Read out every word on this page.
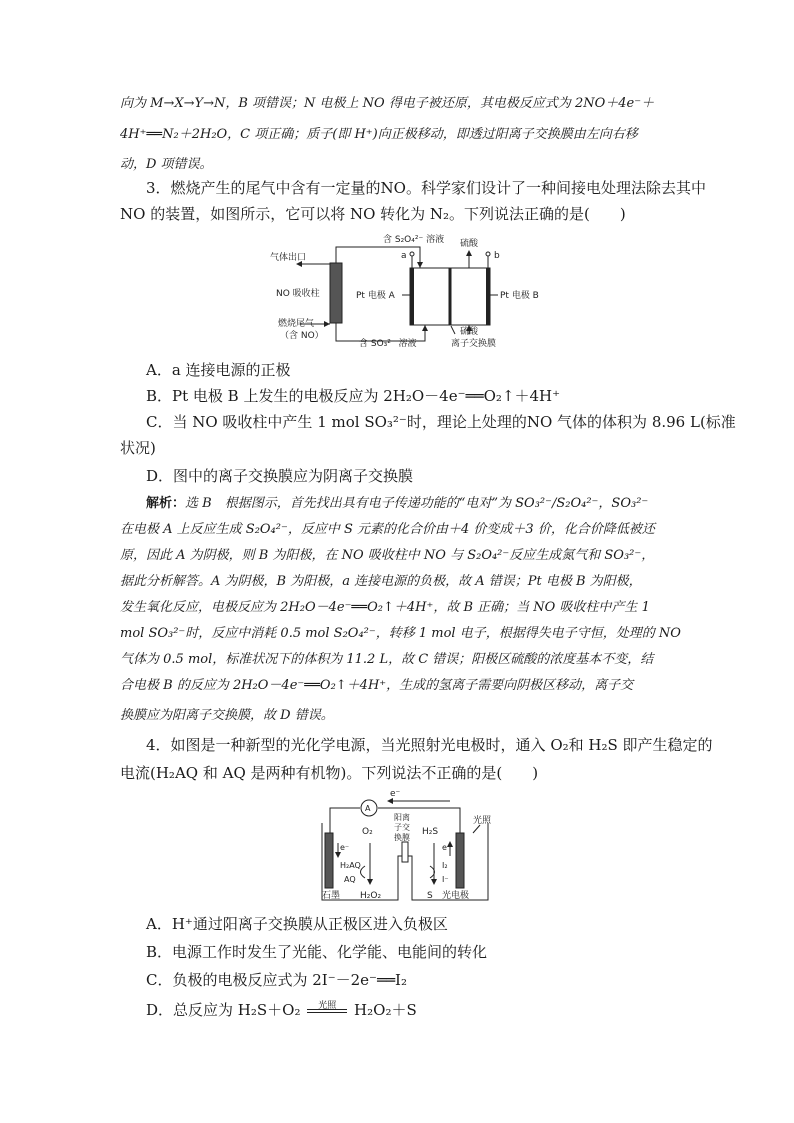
向为 M→X→Y→N，B 项错误；N 电极上 NO 得电子被还原，其电极反应式为 2NO＋4e⁻＋
4H⁺══N₂＋2H₂O，C 项正确；质子(即 H⁺)向正极移动，即透过阳离子交换膜由左向右移
动，D 项错误。
3．燃烧产生的尾气中含有一定量的NO。科学家们设计了一种间接电处理法除去其中
NO 的装置，如图所示，它可以将 NO 转化为 N₂。下列说法正确的是(　　)
含 S₂O₄²⁻ 溶液
气体出口
NO 吸收柱
燃烧尾气
（含 NO）
含 SO₃²⁻ 溶液
Pt 电极 A	Pt 电极 B
a	b
硫酸
硫酸
离子交换膜
A．a 连接电源的正极
B．Pt 电极 B 上发生的电极反应为 2H₂O－4e⁻══O₂↑＋4H⁺
C．当 NO 吸收柱中产生 1 mol SO₃²⁻时，理论上处理的NO 气体的体积为 8.96 L(标准
状况)
D．图中的离子交换膜应为阴离子交换膜
解析：选 B　根据图示，首先找出具有电子传递功能的“电对”为 SO₃²⁻/S₂O₄²⁻，SO₃²⁻
在电极 A 上反应生成 S₂O₄²⁻，反应中 S 元素的化合价由＋4 价变成＋3 价，化合价降低被还
原，因此 A 为阴极，则 B 为阳极，在 NO 吸收柱中 NO 与 S₂O₄²⁻反应生成氮气和 SO₃²⁻，
据此分析解答。A 为阴极，B 为阳极，a 连接电源的负极，故 A 错误；Pt 电极 B 为阳极，
发生氧化反应，电极反应为 2H₂O－4e⁻══O₂↑＋4H⁺，故 B 正确；当 NO 吸收柱中产生 1
mol SO₃²⁻时，反应中消耗 0.5 mol S₂O₄²⁻，转移 1 mol 电子，根据得失电子守恒，处理的 NO
气体为 0.5 mol，标准状况下的体积为 11.2 L，故 C 错误；阳极区硫酸的浓度基本不变，结
合电极 B 的反应为 2H₂O－4e⁻══O₂↑＋4H⁺，生成的氢离子需要向阴极区移动，离子交
换膜应为阳离子交换膜，故 D 错误。
4．如图是一种新型的光化学电源，当光照射光电极时，通入 O₂和 H₂S 即产生稳定的
电流(H₂AQ 和 AQ 是两种有机物)。下列说法不正确的是(　　)
e⁻
A
O₂
阳离
子交
换膜
H₂S
光照
e⁻	e⁻
H₂AQ
AQ
I₂
I⁻
石墨 H₂O₂	S 光电极
A．H⁺通过阳离子交换膜从正极区进入负极区
B．电源工作时发生了光能、化学能、电能间的转化
C．负极的电极反应式为 2I⁻－2e⁻══I₂
D．总反应为 H₂S＋O₂	光照	H₂O₂＋S
